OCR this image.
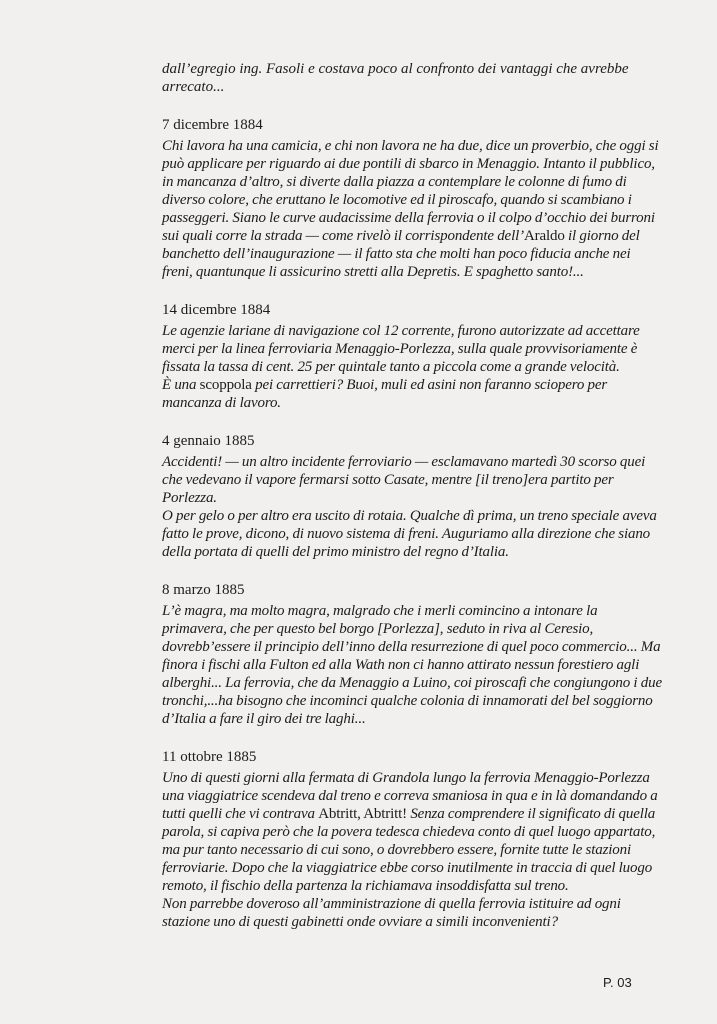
dall’egregio ing. Fasoli e costava poco al confronto dei vantaggi che avrebbe arrecato...

7 dicembre 1884

Chi lavora ha una camicia, e chi non lavora ne ha due, dice un proverbio, che oggi si può applicare per riguardo ai due pontili di sbarco in Menaggio. Intanto il pubblico, in mancanza d’altro, si diverte dalla piazza a contemplare le colonne di fumo di diverso colore, che eruttano le locomotive ed il piroscafo, quando si scambiano i passeggeri. Siano le curve audacissime della ferrovia o il colpo d’occhio dei burroni sui quali corre la strada — come rivelò il corrispondente dell’Araldo il giorno del banchetto dell’inaugurazione — il fatto sta che molti han poco fiducia anche nei freni, quantunque li assicurino stretti alla Depretis. E spaghetto santo!...

14 dicembre 1884

Le agenzie lariane di navigazione col 12 corrente, furono autorizzate ad accettare merci per la linea ferroviaria Menaggio-Porlezza, sulla quale provvisoriamente è fissata la tassa di cent. 25 per quintale tanto a piccola come a grande velocità.

È una scoppola pei carrettieri? Buoi, muli ed asini non faranno sciopero per mancanza di lavoro.

4 gennaio 1885

Accidenti! — un altro incidente ferroviario — esclamavano martedì 30 scorso quei che vedevano il vapore fermarsi sotto Casate, mentre [il treno]era partito per Porlezza.

O per gelo o per altro era uscito di rotaia. Qualche dì prima, un treno speciale aveva fatto le prove, dicono, di nuovo sistema di freni. Auguriamo alla direzione che siano della portata di quelli del primo ministro del regno d’Italia.

8 marzo 1885

L’è magra, ma molto magra, malgrado che i merli comincino a intonare la primavera, che per questo bel borgo [Porlezza], seduto in riva al Ceresio, dovrebb’essere il principio dell’inno della resurrezione di quel poco commercio... Ma finora i fischi alla Fulton ed alla Wath non ci hanno attirato nessun forestiero agli alberghi... La ferrovia, che da Menaggio a Luino, coi piroscafi che congiungono i due tronchi,...ha bisogno che incominci qualche colonia di innamorati del bel soggiorno d’Italia a fare il giro dei tre laghi...

11 ottobre 1885

Uno di questi giorni alla fermata di Grandola lungo la ferrovia Menaggio-Porlezza una viaggiatrice scendeva dal treno e correva smaniosa in qua e in là domandando a tutti quelli che vi contrava Abtritt, Abtritt! Senza comprendere il significato di quella parola, si capiva però che la povera tedesca chiedeva conto di quel luogo appartato, ma pur tanto necessario di cui sono, o dovrebbero essere, fornite tutte le stazioni ferroviarie. Dopo che la viaggiatrice ebbe corso inutilmente in traccia di quel luogo remoto, il fischio della partenza la richiamava insoddisfatta sul treno.

Non parrebbe doveroso all’amministrazione di quella ferrovia istituire ad ogni stazione uno di questi gabinetti onde ovviare a simili inconvenienti?

P. 03
